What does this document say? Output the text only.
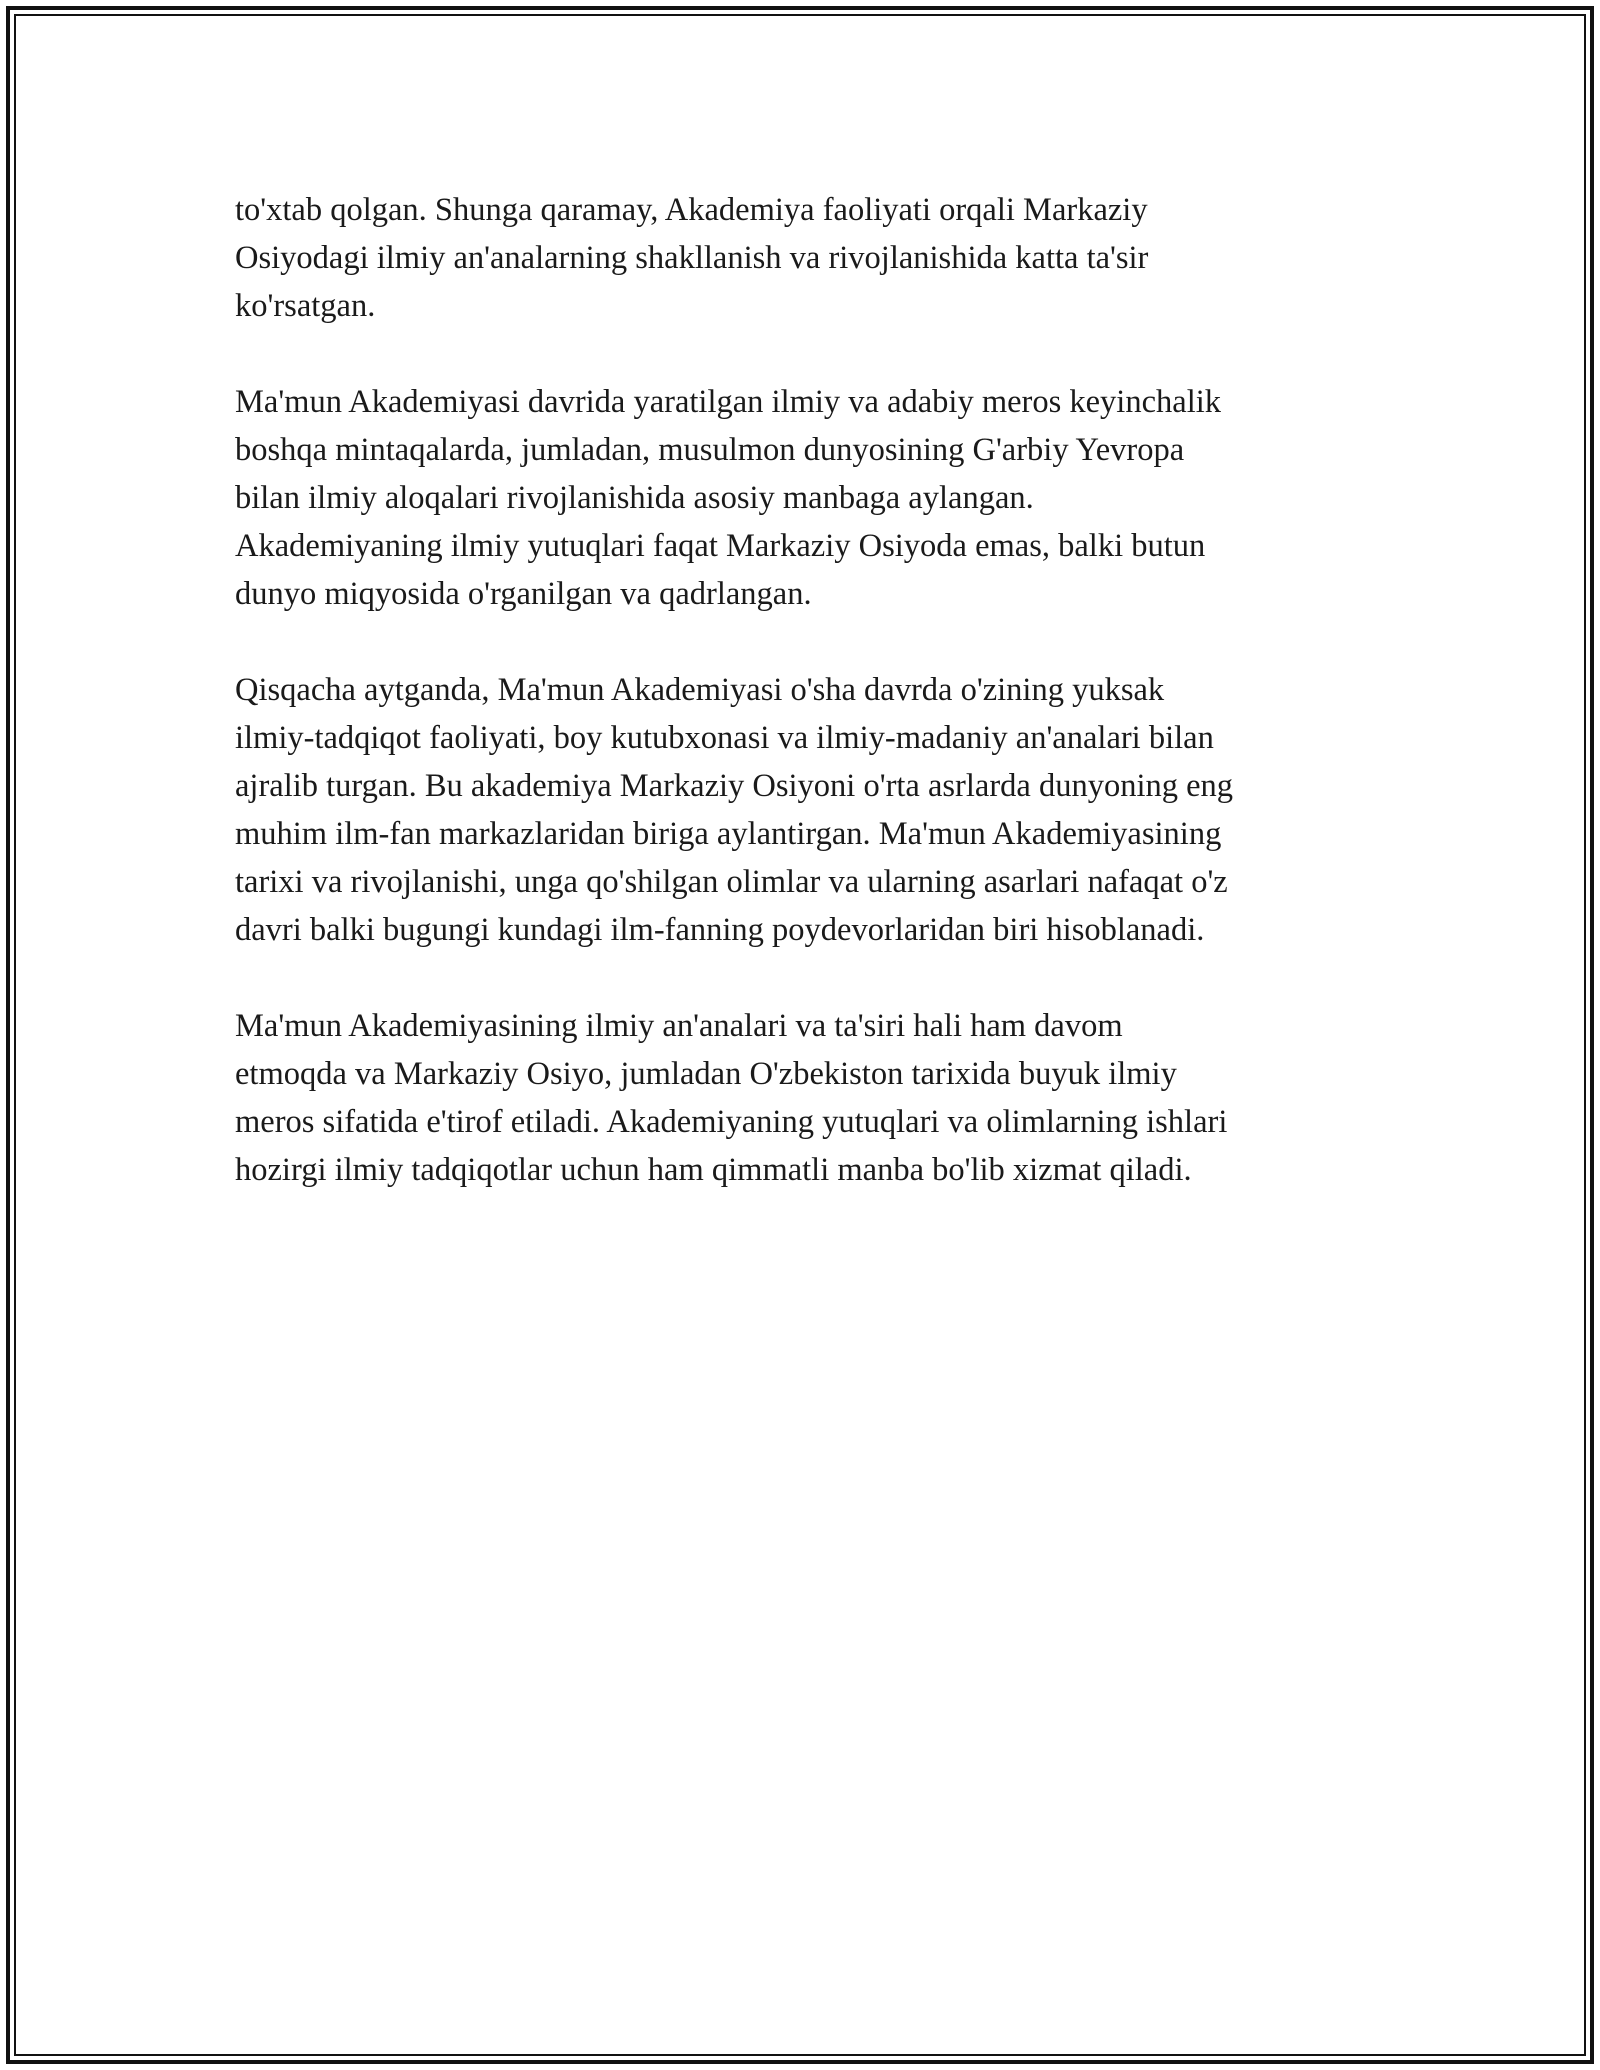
to'xtab qolgan. Shunga qaramay, Akademiya faoliyati orqali Markaziy
Osiyodagi ilmiy an'analarning shakllanish va rivojlanishida katta ta'sir
ko'rsatgan.

Ma'mun Akademiyasi davrida yaratilgan ilmiy va adabiy meros keyinchalik
boshqa mintaqalarda, jumladan, musulmon dunyosining G'arbiy Yevropa
bilan ilmiy aloqalari rivojlanishida asosiy manbaga aylangan.
Akademiyaning ilmiy yutuqlari faqat Markaziy Osiyoda emas, balki butun
dunyo miqyosida o'rganilgan va qadrlangan.

Qisqacha aytganda, Ma'mun Akademiyasi o'sha davrda o'zining yuksak
ilmiy-tadqiqot faoliyati, boy kutubxonasi va ilmiy-madaniy an'analari bilan
ajralib turgan. Bu akademiya Markaziy Osiyoni o'rta asrlarda dunyoning eng
muhim ilm-fan markazlaridan biriga aylantirgan. Ma'mun Akademiyasining
tarixi va rivojlanishi, unga qo'shilgan olimlar va ularning asarlari nafaqat o'z
davri balki bugungi kundagi ilm-fanning poydevorlaridan biri hisoblanadi.

Ma'mun Akademiyasining ilmiy an'analari va ta'siri hali ham davom
etmoqda va Markaziy Osiyo, jumladan O'zbekiston tarixida buyuk ilmiy
meros sifatida e'tirof etiladi. Akademiyaning yutuqlari va olimlarning ishlari
hozirgi ilmiy tadqiqotlar uchun ham qimmatli manba bo'lib xizmat qiladi.
